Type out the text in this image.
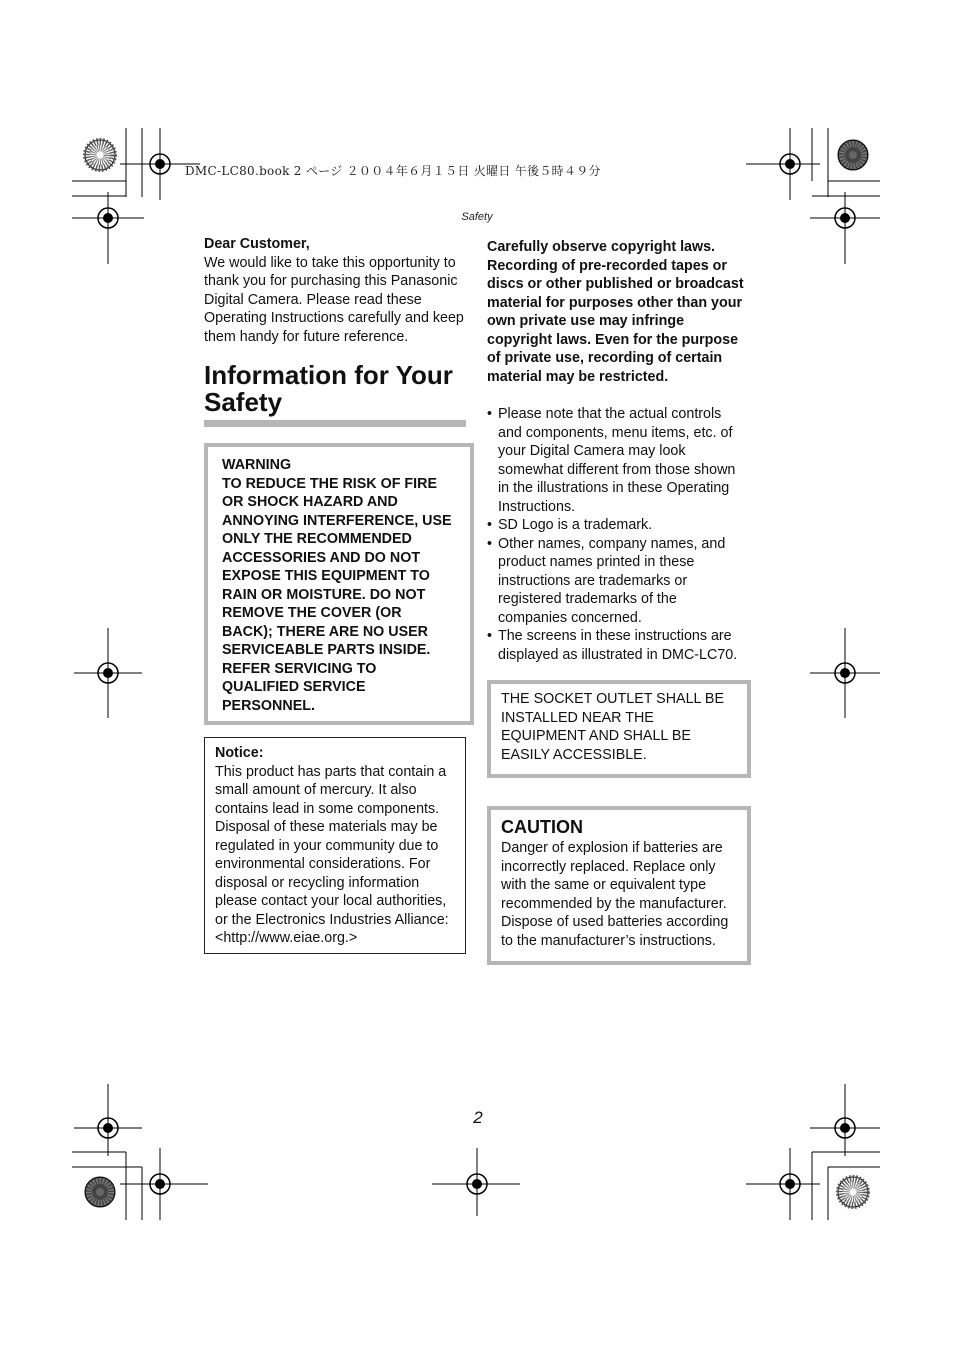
DMC-LC80.book 2 ページ ２００４年６月１５日 火曜日 午後５時４９分
Safety
Dear Customer,
We would like to take this opportunity to thank you for purchasing this Panasonic Digital Camera. Please read these Operating Instructions carefully and keep them handy for future reference.
Information for Your Safety
WARNING
TO REDUCE THE RISK OF FIRE OR SHOCK HAZARD AND ANNOYING INTERFERENCE, USE ONLY THE RECOMMENDED ACCESSORIES AND DO NOT EXPOSE THIS EQUIPMENT TO RAIN OR MOISTURE. DO NOT REMOVE THE COVER (OR BACK); THERE ARE NO USER SERVICEABLE PARTS INSIDE. REFER SERVICING TO QUALIFIED SERVICE PERSONNEL.
Notice:
This product has parts that contain a small amount of mercury. It also contains lead in some components. Disposal of these materials may be regulated in your community due to environmental considerations. For disposal or recycling information please contact your local authorities, or the Electronics Industries Alliance: <http://www.eiae.org.>
Carefully observe copyright laws. Recording of pre-recorded tapes or discs or other published or broadcast material for purposes other than your own private use may infringe copyright laws. Even for the purpose of private use, recording of certain material may be restricted.
• Please note that the actual controls and components, menu items, etc. of your Digital Camera may look somewhat different from those shown in the illustrations in these Operating Instructions.
• SD Logo is a trademark.
• Other names, company names, and product names printed in these instructions are trademarks or registered trademarks of the companies concerned.
• The screens in these instructions are displayed as illustrated in DMC-LC70.
THE SOCKET OUTLET SHALL BE INSTALLED NEAR THE EQUIPMENT AND SHALL BE EASILY ACCESSIBLE.
CAUTION
Danger of explosion if batteries are incorrectly replaced. Replace only with the same or equivalent type recommended by the manufacturer. Dispose of used batteries according to the manufacturer’s instructions.
2
